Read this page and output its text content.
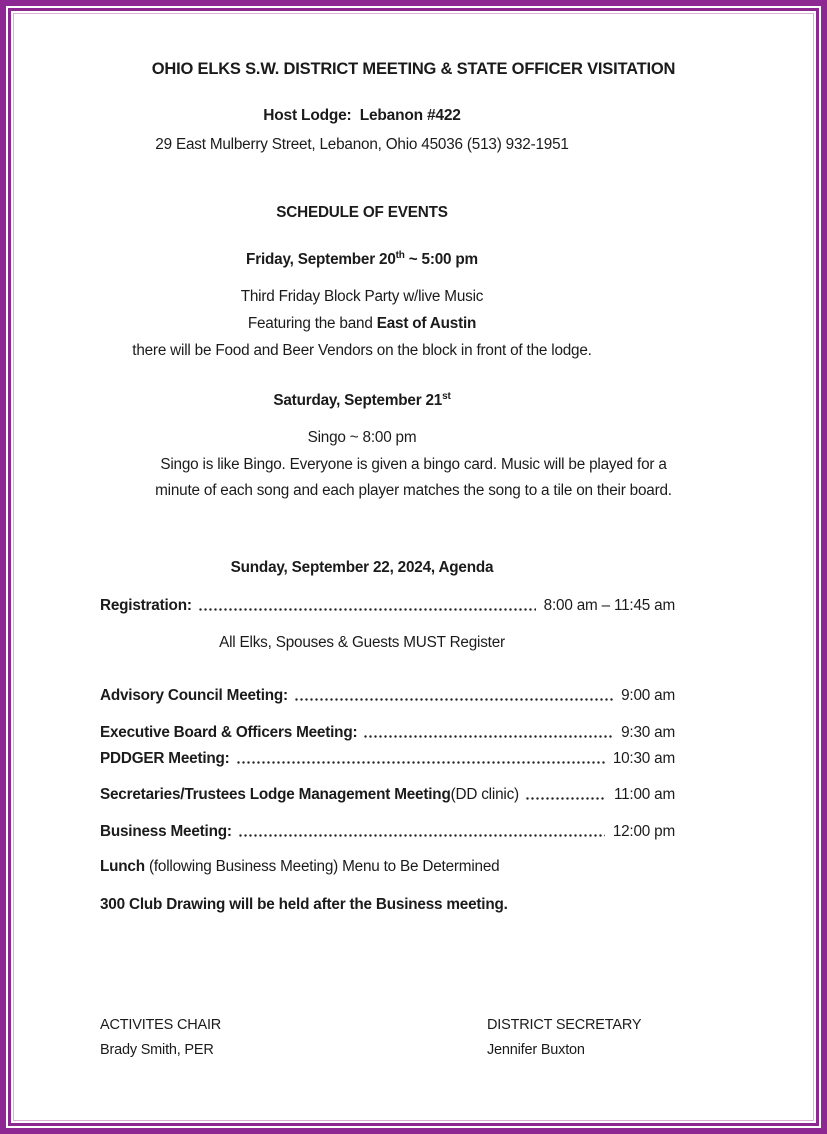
OHIO ELKS S.W. DISTRICT MEETING & STATE OFFICER VISITATION
Host Lodge:  Lebanon #422
29 East Mulberry Street, Lebanon, Ohio 45036 (513) 932-1951
SCHEDULE OF EVENTS
Friday, September 20th ~ 5:00 pm
Third Friday Block Party w/live Music
Featuring the band East of Austin
there will be Food and Beer Vendors on the block in front of the lodge.
Saturday, September 21st
Singo ~ 8:00 pm
Singo is like Bingo. Everyone is given a bingo card. Music will be played for a
minute of each song and each player matches the song to a tile on their board.
Sunday, September 22, 2024, Agenda
Registration:	8:00 am – 11:45 am
All Elks, Spouses & Guests MUST Register
Advisory Council Meeting:	9:00 am
Executive Board & Officers Meeting:	9:30 am
PDDGER Meeting:	10:30 am
Secretaries/Trustees Lodge Management Meeting (DD clinic)	11:00 am
Business Meeting:	12:00 pm
Lunch (following Business Meeting) Menu to Be Determined
300 Club Drawing will be held after the Business meeting.
ACTIVITES CHAIR
Brady Smith, PER
DISTRICT SECRETARY
Jennifer Buxton
